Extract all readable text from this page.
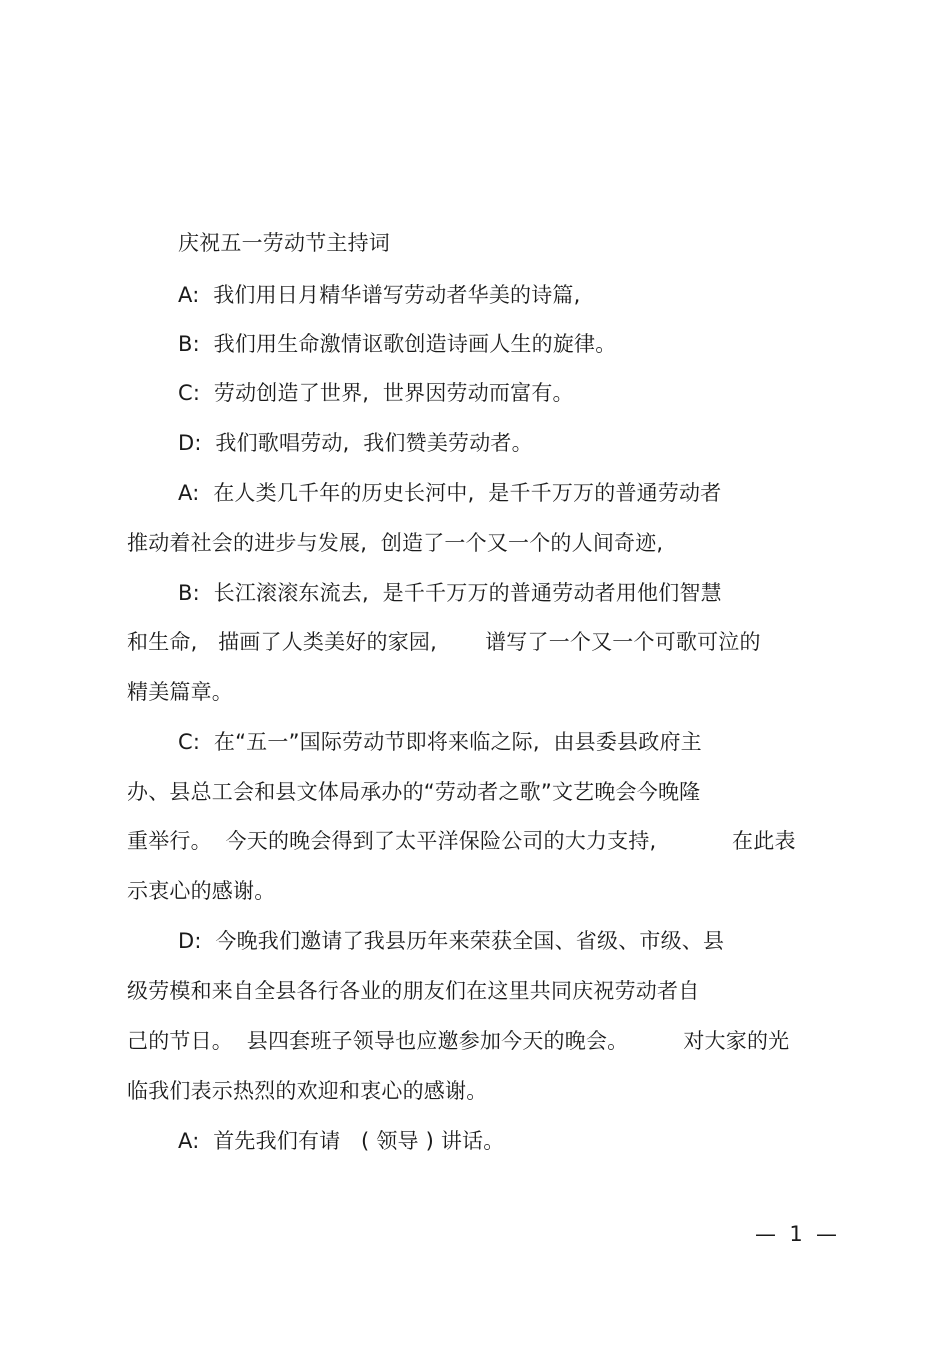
庆祝五一劳动节主持词
A:  我们用日月精华谱写劳动者华美的诗篇,
B:  我们用生命激情讴歌创造诗画人生的旋律。
C:  劳动创造了世界,  世界因劳动而富有。
D:  我们歌唱劳动,  我们赞美劳动者。
A:  在人类几千年的历史长河中,  是千千万万的普通劳动者
推动着社会的进步与发展,  创造了一个又一个的人间奇迹,
B:  长江滚滚东流去,  是千千万万的普通劳动者用他们智慧
和生命,   描画了人类美好的家园,       谱写了一个又一个可歌可泣的
精美篇章。
C:  在“五一”国际劳动节即将来临之际,  由县委县政府主
办、县总工会和县文体局承办的“劳动者之歌”文艺晚会今晚隆
重举行。  今天的晚会得到了太平洋保险公司的大力支持,           在此表
示衷心的感谢。
D:  今晚我们邀请了我县历年来荣获全国、省级、市级、县
级劳模和来自全县各行各业的朋友们在这里共同庆祝劳动者自
己的节日。  县四套班子领导也应邀参加今天的晚会。        对大家的光
临我们表示热烈的欢迎和衷心的感谢。
A:  首先我们有请   ( 领导 ) 讲话。
—  1  —
